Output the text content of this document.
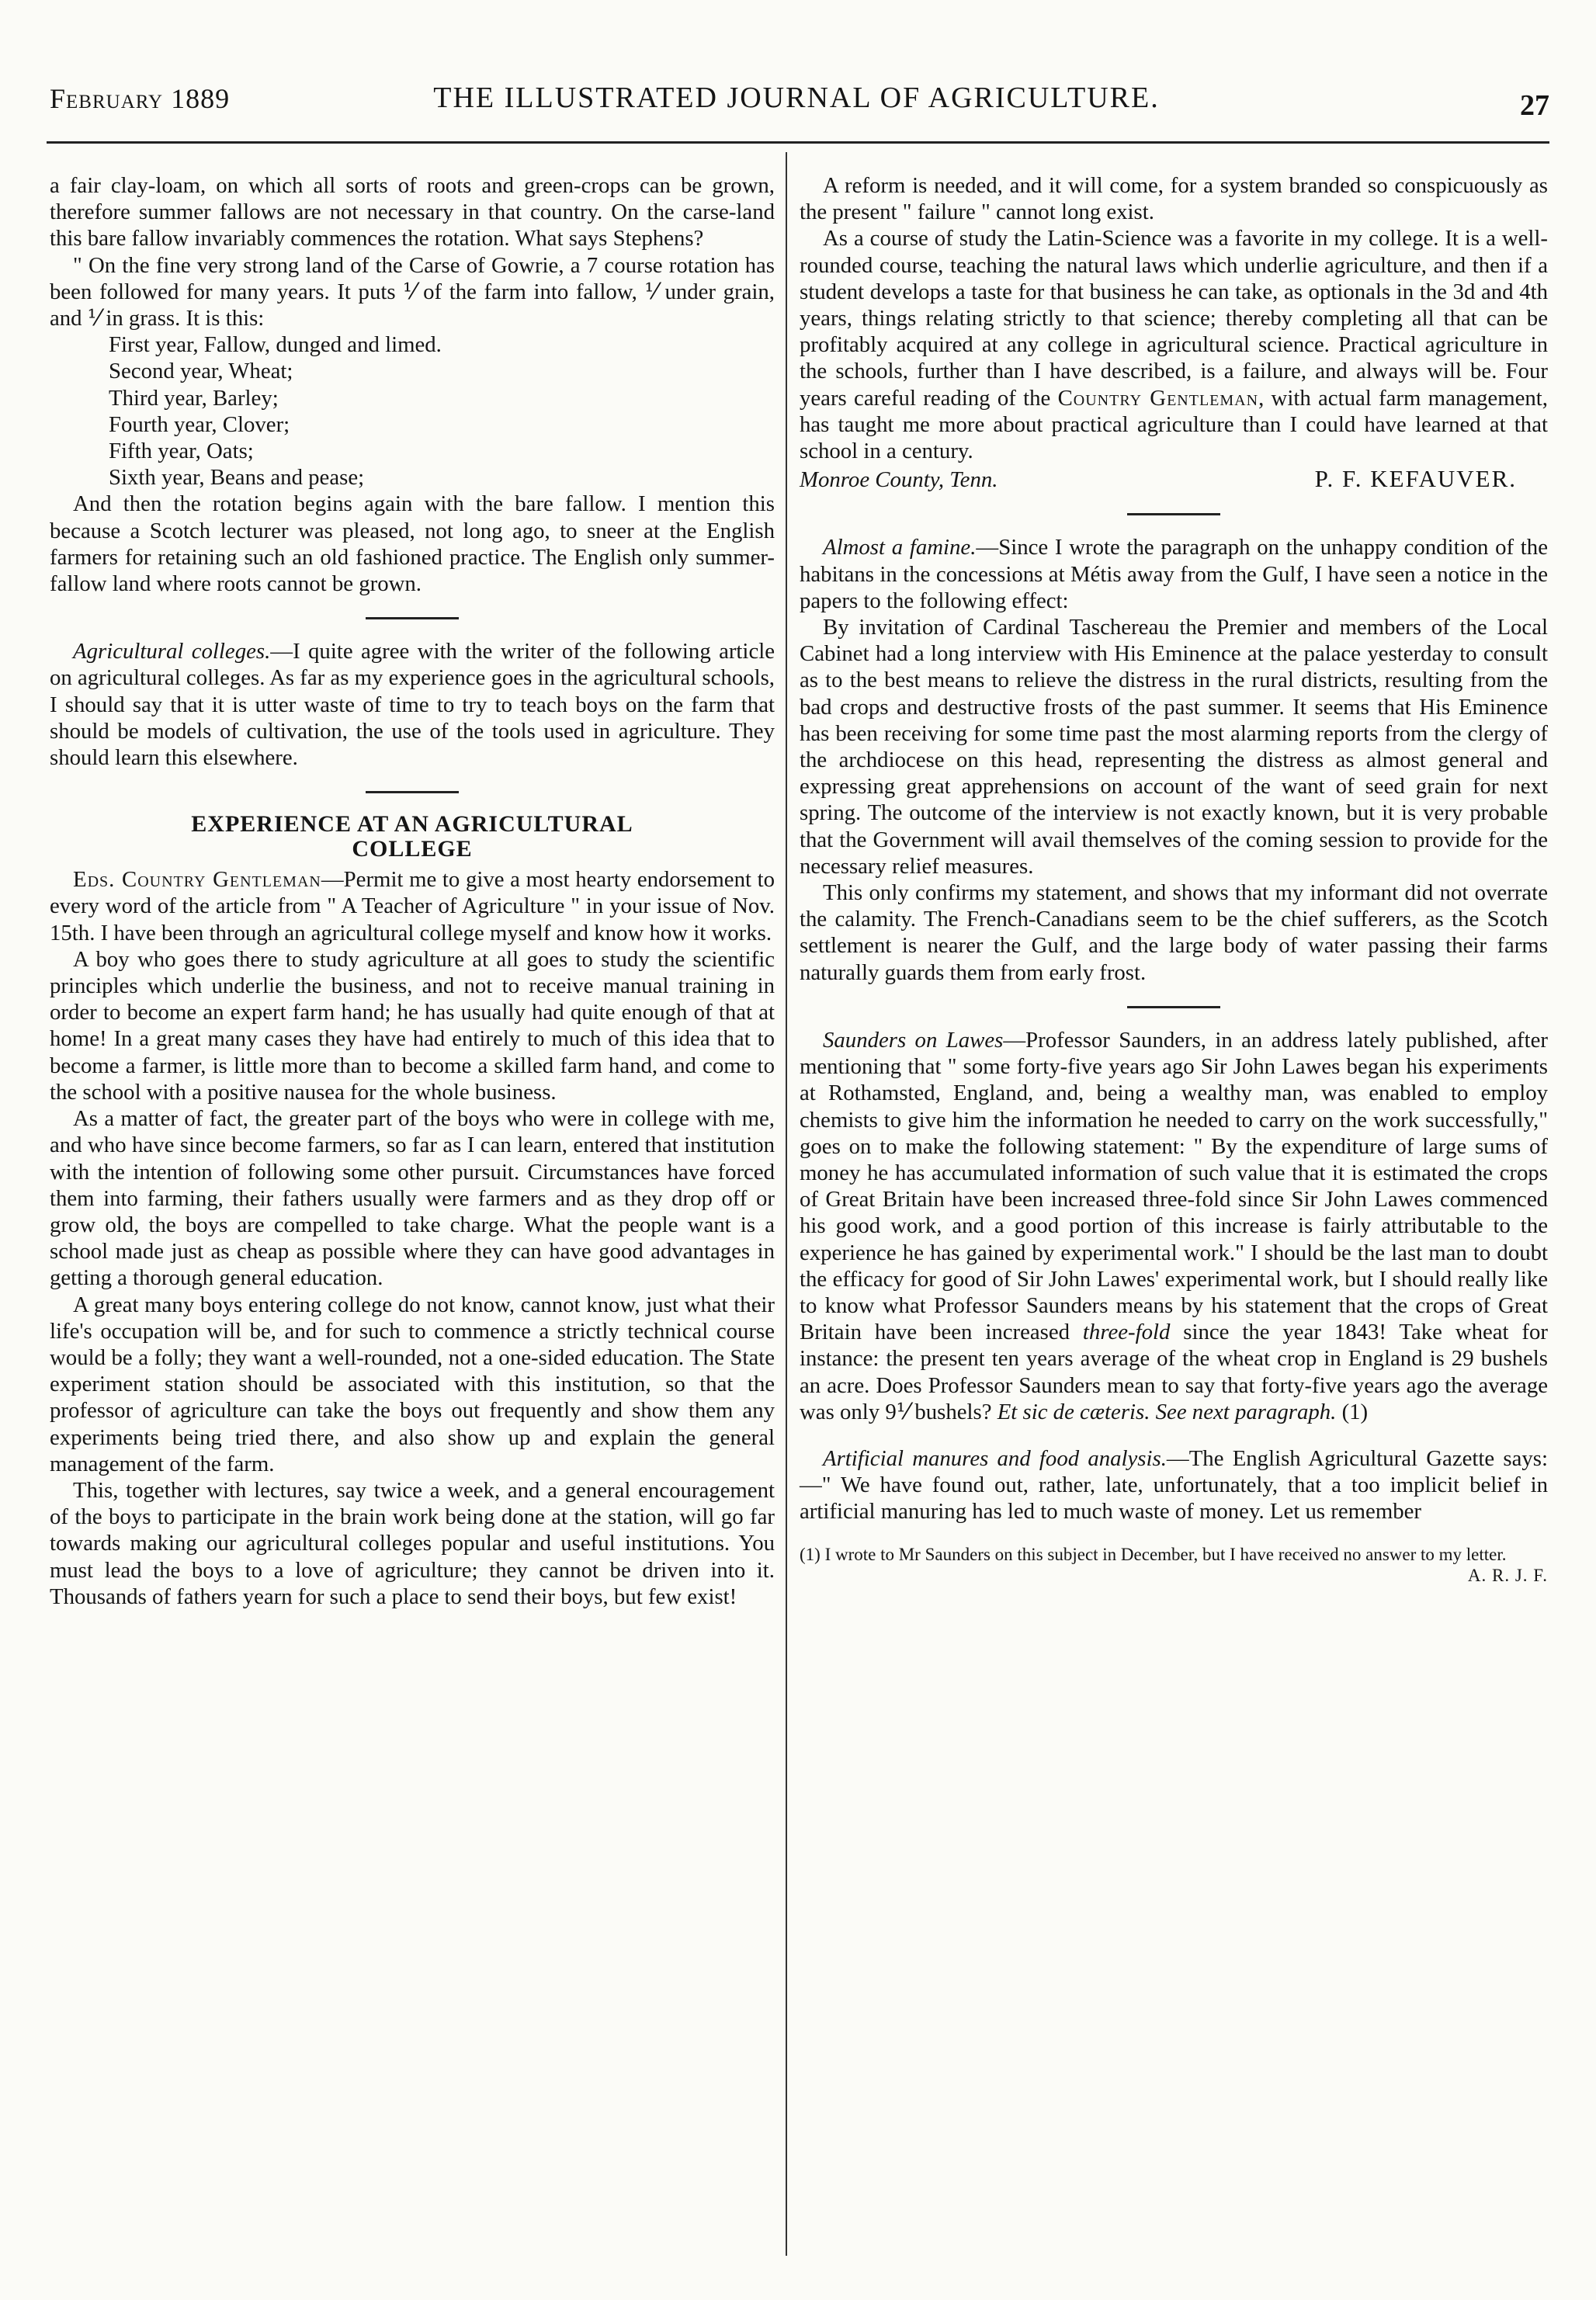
February 1889	THE ILLUSTRATED JOURNAL OF AGRICULTURE.	27

a fair clay-loam, on which all sorts of roots and green-crops can be grown, therefore summer fallows are not necessary in that country. On the carse-land this bare fallow invariably commences the rotation. What says Stephens?

" On the fine very strong land of the Carse of Gowrie, a 7 course rotation has been followed for many years. It puts ⅟ of the farm into fallow, ⅟ under grain, and ⅟ in grass. It is this:

First year, Fallow, dunged and limed.
Second year, Wheat;
Third year, Barley;
Fourth year, Clover;
Fifth year, Oats;
Sixth year, Beans and pease;

And then the rotation begins again with the bare fallow. I mention this because a Scotch lecturer was pleased, not long ago, to sneer at the English farmers for retaining such an old fashioned practice. The English only summer-fallow land where roots cannot be grown.

Agricultural colleges.—I quite agree with the writer of the following article on agricultural colleges. As far as my experience goes in the agricultural schools, I should say that it is utter waste of time to try to teach boys on the farm that should be models of cultivation, the use of the tools used in agriculture. They should learn this elsewhere.

EXPERIENCE AT AN AGRICULTURAL
COLLEGE

Eds. Country Gentleman—Permit me to give a most hearty endorsement to every word of the article from " A Teacher of Agriculture " in your issue of Nov. 15th. I have been through an agricultural college myself and know how it works.

A boy who goes there to study agriculture at all goes to study the scientific principles which underlie the business, and not to receive manual training in order to become an expert farm hand; he has usually had quite enough of that at home! In a great many cases they have had entirely to much of this idea that to become a farmer, is little more than to become a skilled farm hand, and come to the school with a positive nausea for the whole business.

As a matter of fact, the greater part of the boys who were in college with me, and who have since become farmers, so far as I can learn, entered that institution with the intention of following some other pursuit. Circumstances have forced them into farming, their fathers usually were farmers and as they drop off or grow old, the boys are compelled to take charge. What the people want is a school made just as cheap as possible where they can have good advantages in getting a thorough general education.

A great many boys entering college do not know, cannot know, just what their life's occupation will be, and for such to commence a strictly technical course would be a folly; they want a well-rounded, not a one-sided education. The State experiment station should be associated with this institution, so that the professor of agriculture can take the boys out frequently and show them any experiments being tried there, and also show up and explain the general management of the farm.

This, together with lectures, say twice a week, and a general encouragement of the boys to participate in the brain work being done at the station, will go far towards making our agricultural colleges popular and useful institutions. You must lead the boys to a love of agriculture; they cannot be driven into it. Thousands of fathers yearn for such a place to send their boys, but few exist!

A reform is needed, and it will come, for a system branded so conspicuously as the present " failure " cannot long exist.

As a course of study the Latin-Science was a favorite in my college. It is a well-rounded course, teaching the natural laws which underlie agriculture, and then if a student develops a taste for that business he can take, as optionals in the 3d and 4th years, things relating strictly to that science; thereby completing all that can be profitably acquired at any college in agricultural science. Practical agriculture in the schools, further than I have described, is a failure, and always will be. Four years careful reading of the Country Gentleman, with actual farm management, has taught me more about practical agriculture than I could have learned at that school in a century.

Monroe County, Tenn.	P. F. KEFAUVER.

Almost a famine.—Since I wrote the paragraph on the unhappy condition of the habitans in the concessions at Métis away from the Gulf, I have seen a notice in the papers to the following effect:

By invitation of Cardinal Taschereau the Premier and members of the Local Cabinet had a long interview with His Eminence at the palace yesterday to consult as to the best means to relieve the distress in the rural districts, resulting from the bad crops and destructive frosts of the past summer. It seems that His Eminence has been receiving for some time past the most alarming reports from the clergy of the archdiocese on this head, representing the distress as almost general and expressing great apprehensions on account of the want of seed grain for next spring. The outcome of the interview is not exactly known, but it is very probable that the Government will avail themselves of the coming session to provide for the necessary relief measures.

This only confirms my statement, and shows that my informant did not overrate the calamity. The French-Canadians seem to be the chief sufferers, as the Scotch settlement is nearer the Gulf, and the large body of water passing their farms naturally guards them from early frost.

Saunders on Lawes—Professor Saunders, in an address lately published, after mentioning that " some forty-five years ago Sir John Lawes began his experiments at Rothamsted, England, and, being a wealthy man, was enabled to employ chemists to give him the information he needed to carry on the work successfully," goes on to make the following statement: " By the expenditure of large sums of money he has accumulated information of such value that it is estimated the crops of Great Britain have been increased three-fold since Sir John Lawes commenced his good work, and a good portion of this increase is fairly attributable to the experience he has gained by experimental work." I should be the last man to doubt the efficacy for good of Sir John Lawes' experimental work, but I should really like to know what Professor Saunders means by his statement that the crops of Great Britain have been increased three-fold since the year 1843! Take wheat for instance: the present ten years average of the wheat crop in England is 29 bushels an acre. Does Professor Saunders mean to say that forty-five years ago the average was only 9⅟ bushels? Et sic de cæteris. See next paragraph. (1)

Artificial manures and food analysis.—The English Agricultural Gazette says:—" We have found out, rather, late, unfortunately, that a too implicit belief in artificial manuring has led to much waste of money. Let us remember

(1) I wrote to Mr Saunders on this subject in December, but I have received no answer to my letter.
A. R. J. F.
